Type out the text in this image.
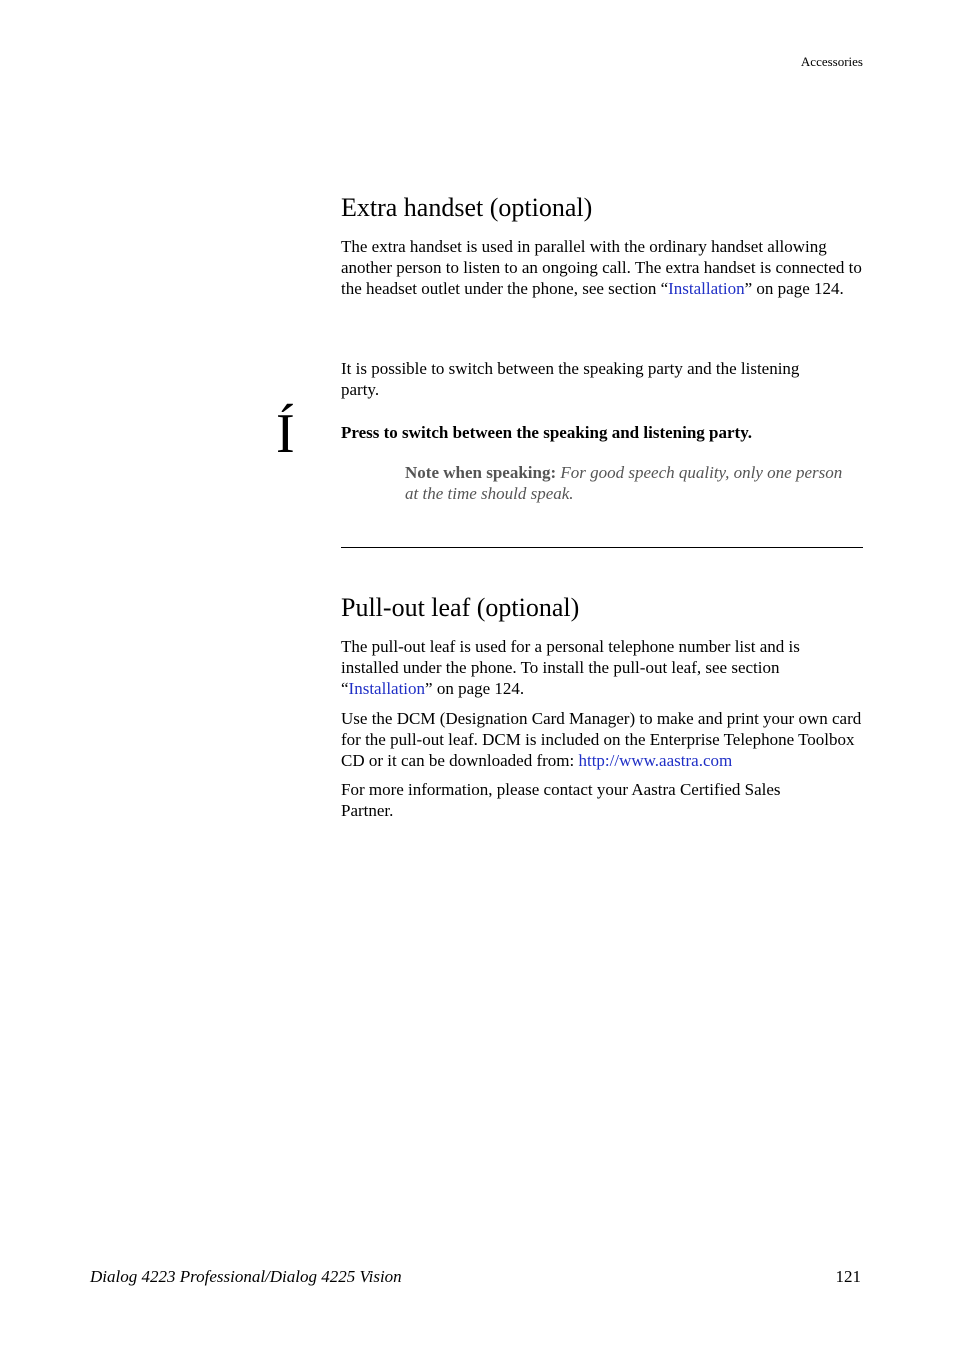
Accessories
Extra handset (optional)
The extra handset is used in parallel with the ordinary handset allowing another person to listen to an ongoing call. The extra handset is connected to the headset outlet under the phone, see section “Installation” on page 124.
It is possible to switch between the speaking party and the listening party.
Í	Press to switch between the speaking and listening party.
Note when speaking: For good speech quality, only one person at the time should speak.
Pull-out leaf (optional)
The pull-out leaf is used for a personal telephone number list and is installed under the phone. To install the pull-out leaf, see section “Installation” on page 124.
Use the DCM (Designation Card Manager) to make and print your own card for the pull-out leaf. DCM is included on the Enterprise Telephone Toolbox CD or it can be downloaded from: http://www.aastra.com
For more information, please contact your Aastra Certified Sales Partner.
Dialog 4223 Professional/Dialog 4225 Vision	121
